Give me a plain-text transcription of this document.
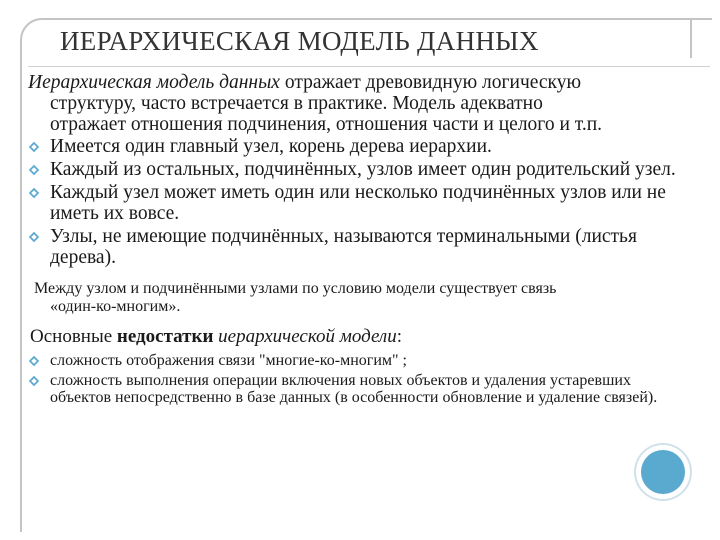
ИЕРАРХИЧЕСКАЯ МОДЕЛЬ ДАННЫХ

Иерархическая модель данных отражает древовидную логическую
структуру, часто встречается в практике. Модель адекватно
отражает отношения подчинения, отношения части и целого и т.п.

Имеется один главный узел, корень дерева иерархии.
Каждый из остальных, подчинённых, узлов имеет один родительский узел.
Каждый узел может иметь один или несколько подчинённых узлов или не иметь их вовсе.
Узлы, не имеющие подчинённых, называются терминальными (листья дерева).

Между узлом и подчинёнными узлами по условию модели существует связь
«один-ко-многим».

Основные недостатки иерархической модели:

сложность отображения связи "многие-ко-многим" ;
сложность выполнения операции включения новых объектов и удаления устаревших объектов непосредственно в базе данных (в особенности обновление и удаление связей).
